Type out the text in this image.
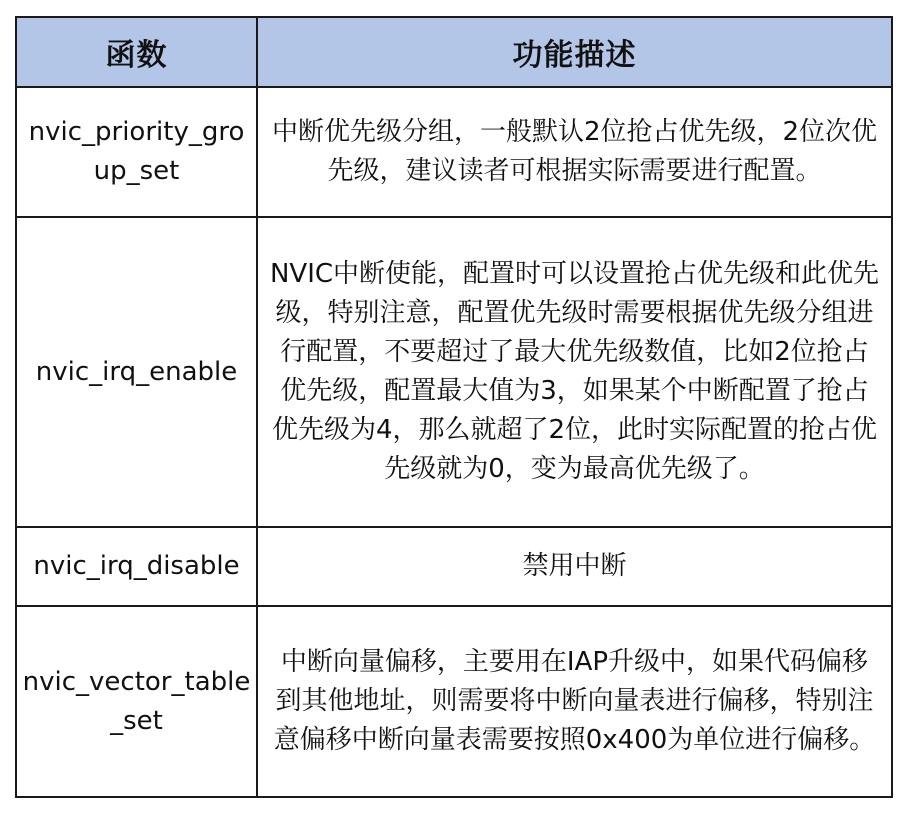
函数	功能描述
nvic_priority_group_set	中断优先级分组，一般默认2位抢占优先级，2位次优先级，建议读者可根据实际需要进行配置。
nvic_irq_enable	NVIC中断使能，配置时可以设置抢占优先级和此优先级，特别注意，配置优先级时需要根据优先级分组进行配置，不要超过了最大优先级数值，比如2位抢占优先级，配置最大值为3，如果某个中断配置了抢占优先级为4，那么就超了2位，此时实际配置的抢占优先级就为0，变为最高优先级了。
nvic_irq_disable	禁用中断
nvic_vector_table_set	中断向量偏移，主要用在IAP升级中，如果代码偏移到其他地址，则需要将中断向量表进行偏移，特别注意偏移中断向量表需要按照0x400为单位进行偏移。
